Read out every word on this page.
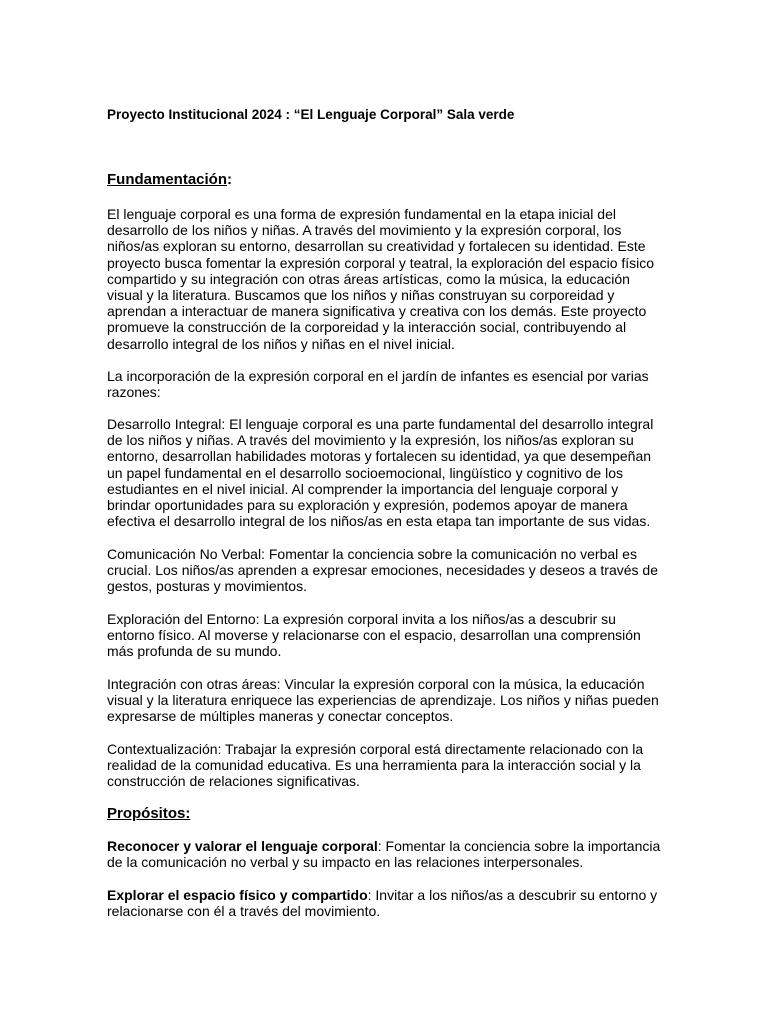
Proyecto Institucional 2024 : “El Lenguaje Corporal” Sala verde

Fundamentación:

El lenguaje corporal es una forma de expresión fundamental en la etapa inicial del desarrollo de los niños y niñas. A través del movimiento y la expresión corporal, los niños/as exploran su entorno, desarrollan su creatividad y fortalecen su identidad. Este proyecto busca fomentar la expresión corporal y teatral, la exploración del espacio físico compartido y su integración con otras áreas artísticas, como la música, la educación visual y la literatura. Buscamos que los niños y niñas construyan su corporeidad y aprendan a interactuar de manera significativa y creativa con los demás. Este proyecto promueve la construcción de la corporeidad y la interacción social, contribuyendo al desarrollo integral de los niños y niñas en el nivel inicial.

La incorporación de la expresión corporal en el jardín de infantes es esencial por varias razones:

Desarrollo Integral: El lenguaje corporal es una parte fundamental del desarrollo integral de los niños y niñas. A través del movimiento y la expresión, los niños/as exploran su entorno, desarrollan habilidades motoras y fortalecen su identidad, ya que desempeñan un papel fundamental en el desarrollo socioemocional, lingüístico y cognitivo de los estudiantes en el nivel inicial. Al comprender la importancia del lenguaje corporal y brindar oportunidades para su exploración y expresión, podemos apoyar de manera efectiva el desarrollo integral de los niños/as en esta etapa tan importante de sus vidas.

Comunicación No Verbal: Fomentar la conciencia sobre la comunicación no verbal es crucial. Los niños/as aprenden a expresar emociones, necesidades y deseos a través de gestos, posturas y movimientos.

Exploración del Entorno: La expresión corporal invita a los niños/as a descubrir su entorno físico. Al moverse y relacionarse con el espacio, desarrollan una comprensión más profunda de su mundo.

Integración con otras áreas: Vincular la expresión corporal con la música, la educación visual y la literatura enriquece las experiencias de aprendizaje. Los niños y niñas pueden expresarse de múltiples maneras y conectar conceptos.

Contextualización: Trabajar la expresión corporal está directamente relacionado con la realidad de la comunidad educativa. Es una herramienta para la interacción social y la construcción de relaciones significativas.

Propósitos:

Reconocer y valorar el lenguaje corporal: Fomentar la conciencia sobre la importancia de la comunicación no verbal y su impacto en las relaciones interpersonales.

Explorar el espacio físico y compartido: Invitar a los niños/as a descubrir su entorno y relacionarse con él a través del movimiento.
